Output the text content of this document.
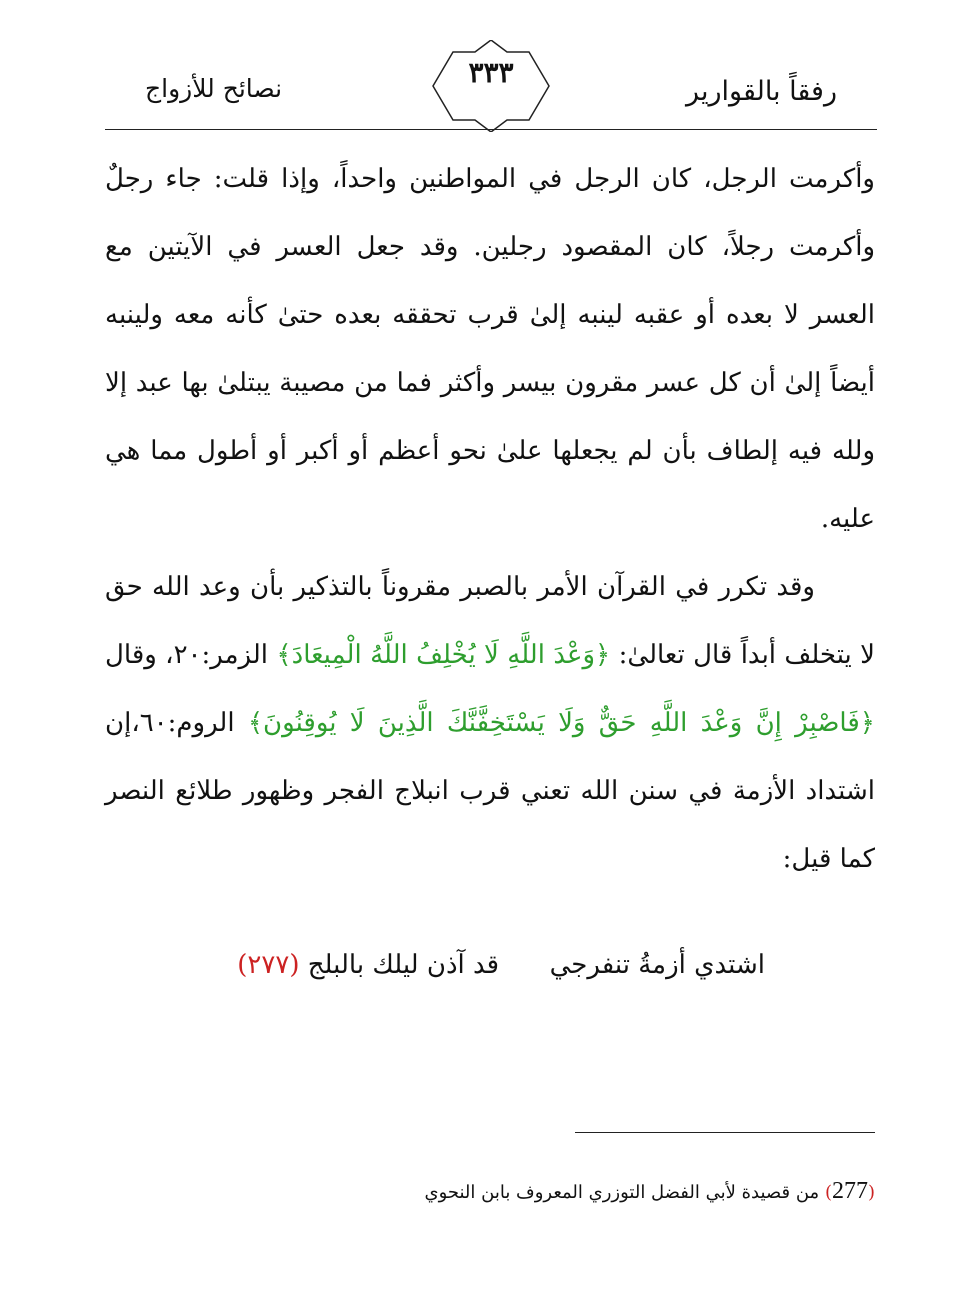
رفقاً بالقوارير
٣٣٣
نصائح للأزواج

وأكرمت الرجل، كان الرجل في المواطنين واحداً، وإذا قلت: جاء رجلٌ وأكرمت رجلاً، كان المقصود رجلين. وقد جعل العسر في الآيتين مع العسر لا بعده أو عقبه لينبه إلىٰ قرب تحققه بعده حتىٰ كأنه معه ولينبه أيضاً إلىٰ أن كل عسر مقرون بيسر وأكثر فما من مصيبة يبتلىٰ بها عبد إلا ولله فيه إلطاف بأن لم يجعلها علىٰ نحو أعظم أو أكبر أو أطول مما هي عليه.

وقد تكرر في القرآن الأمر بالصبر مقروناً بالتذكير بأن وعد الله حق لا يتخلف أبداً قال تعالىٰ: ﴿وَعْدَ اللَّهِ لَا يُخْلِفُ اللَّهُ الْمِيعَادَ﴾ الزمر:٢٠، وقال ﴿فَاصْبِرْ إِنَّ وَعْدَ اللَّهِ حَقٌّ وَلَا يَسْتَخِفَّنَّكَ الَّذِينَ لَا يُوقِنُونَ﴾ الروم:٦٠،إن اشتداد الأزمة في سنن الله تعني قرب انبلاج الفجر وظهور طلائع النصر كما قيل:

اشتدي أزمةُ تنفرجي  قد آذن ليلك بالبلج (٢٧٧)
(277) من قصيدة لأبي الفضل التوزري المعروف بابن النحوي
